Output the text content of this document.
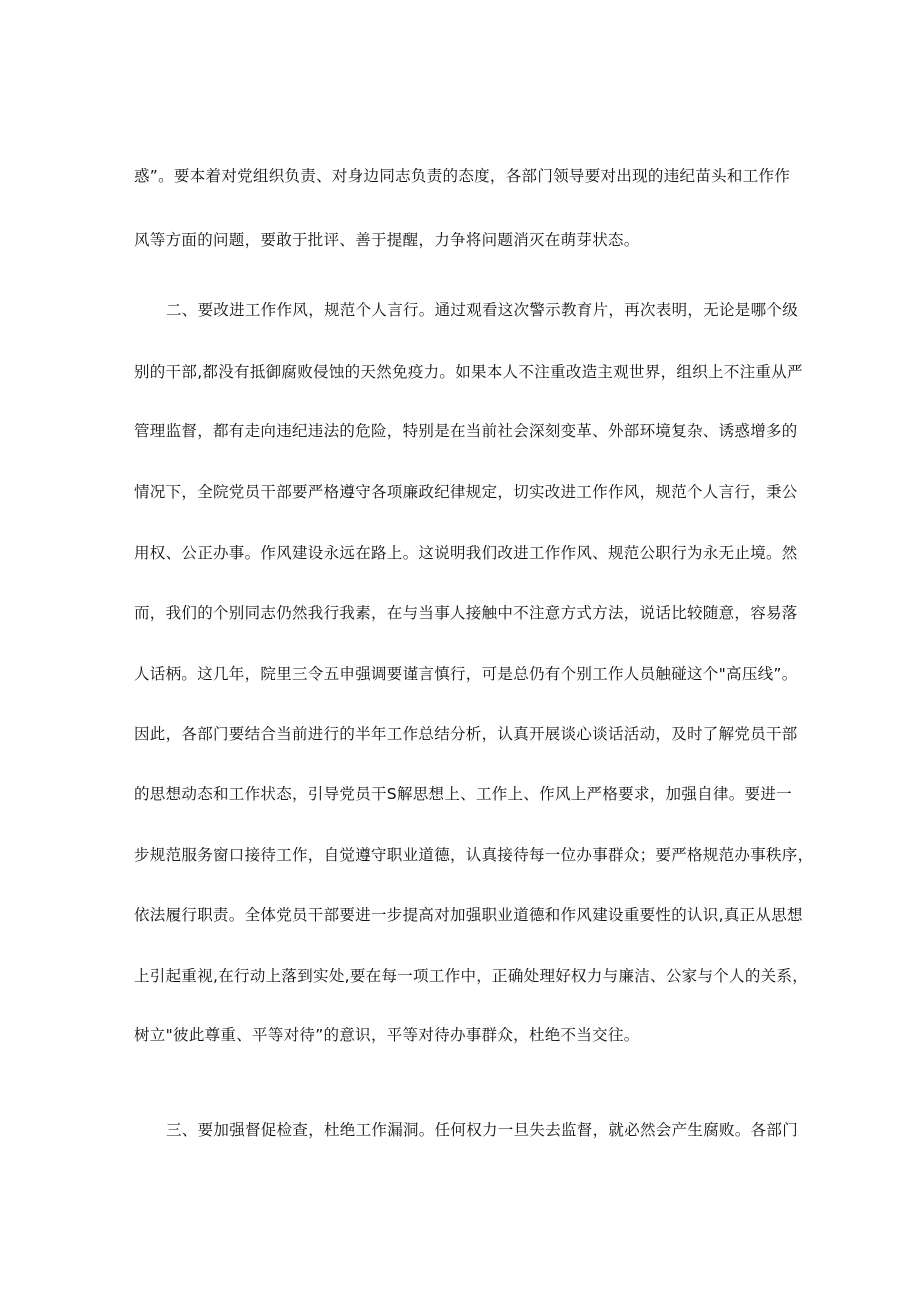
惑”。要本着对党组织负责、对身边同志负责的态度，各部门领导要对出现的违纪苗头和工作作
风等方面的问题，要敢于批评、善于提醒，力争将问题消灭在萌芽状态。
二、要改进工作作风，规范个人言行。通过观看这次警示教育片，再次表明，无论是哪个级
别的干部,都没有抵御腐败侵蚀的天然免疫力。如果本人不注重改造主观世界，组织上不注重从严
管理监督，都有走向违纪违法的危险，特别是在当前社会深刻变革、外部环境复杂、诱惑增多的
情况下，全院党员干部要严格遵守各项廉政纪律规定，切实改进工作作风，规范个人言行，秉公
用权、公正办事。作风建设永远在路上。这说明我们改进工作作风、规范公职行为永无止境。然
而，我们的个别同志仍然我行我素，在与当事人接触中不注意方式方法，说话比较随意，容易落
人话柄。这几年，院里三令五申强调要谨言慎行，可是总仍有个别工作人员触碰这个"高压线”。
因此，各部门要结合当前进行的半年工作总结分析，认真开展谈心谈话活动，及时了解党员干部
的思想动态和工作状态，引导党员干S解思想上、工作上、作风上严格要求，加强自律。要进一
步规范服务窗口接待工作，自觉遵守职业道德，认真接待每一位办事群众；要严格规范办事秩序，
依法履行职责。全体党员干部要进一步提高对加强职业道德和作风建设重要性的认识,真正从思想
上引起重视,在行动上落到实处,要在每一项工作中，正确处理好权力与廉洁、公家与个人的关系，
树立"彼此尊重、平等对待”的意识，平等对待办事群众，杜绝不当交往。
三、要加强督促检查，杜绝工作漏洞。任何权力一旦失去监督，就必然会产生腐败。各部门
